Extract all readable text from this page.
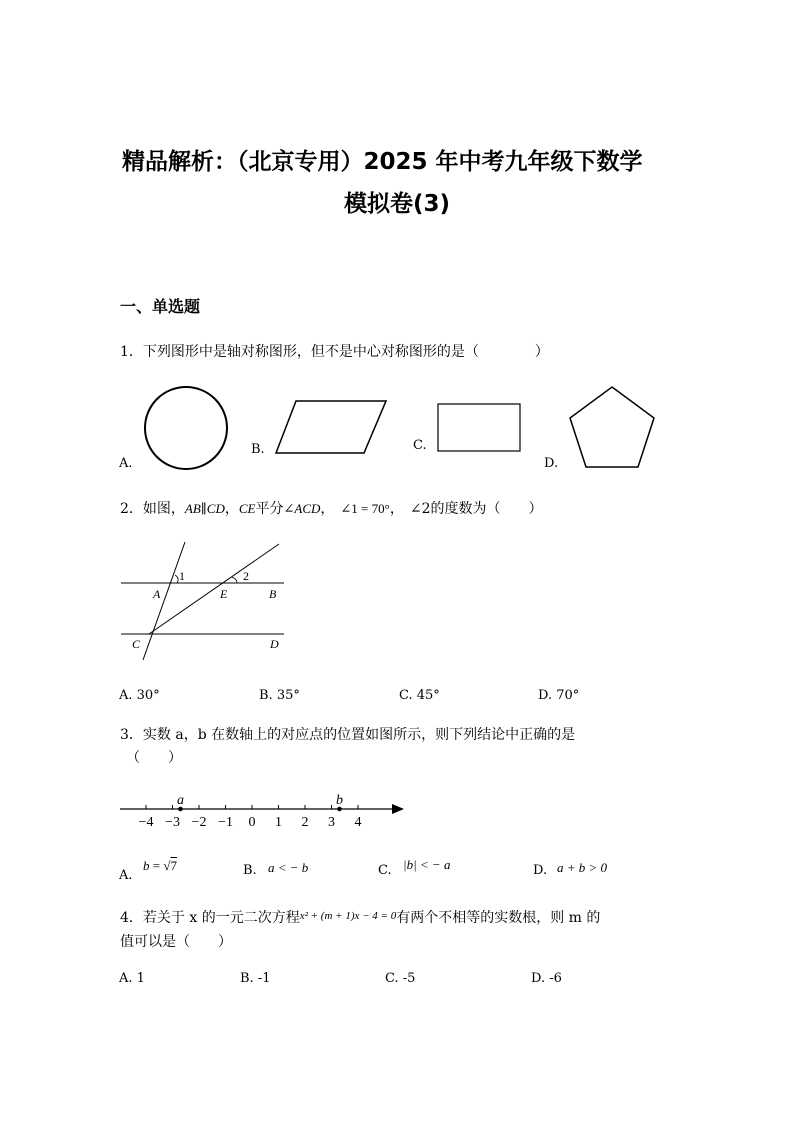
精品解析：（北京专用）2025 年中考九年级下数学
模拟卷(3)
一、单选题
1．下列图形中是轴对称图形，但不是中心对称图形的是（　　　　）
A.
B.	C.
D.
2．如图，AB∥CD，CE平分∠ACD， ∠1 = 70°， ∠2的度数为（　　）
1	2
A	E	B
C	D
A. 30°	B. 35°	C. 45°	D. 70°
3．实数 a，b 在数轴上的对应点的位置如图所示，则下列结论中正确的是
（　　）
−4 −3 −2 −1 0 1 2 3 4
a	b
A.
b = √7	B. a < − b	C. |b| < − a	D. a + b > 0
4．若关于 x 的一元二次方程$^{x^2 + (m + 1)x - 4 = 0}$有两个不相等的实数根，则 m 的
值可以是（　　）
A. 1	B. -1	C. -5	D. -6
